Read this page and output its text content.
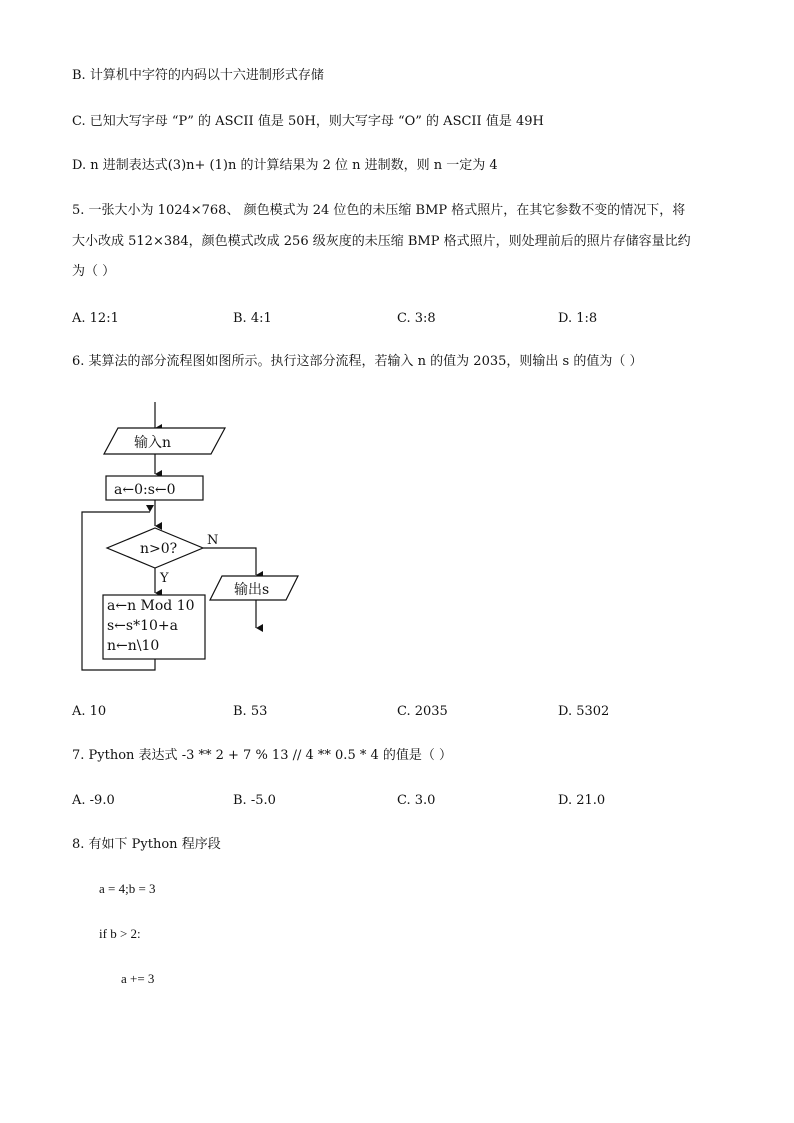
B. 计算机中字符的内码以十六进制形式存储
C. 已知大写字母 “P” 的 ASCII 值是 50H，则大写字母 “O” 的 ASCII 值是 49H
D. n 进制表达式(3)n+ (1)n 的计算结果为 2 位 n 进制数，则 n 一定为 4
5. 一张大小为 1024×768、 颜色模式为 24 位色的未压缩 BMP 格式照片，在其它参数不变的情况下，将
大小改成 512×384，颜色模式改成 256 级灰度的未压缩 BMP 格式照片，则处理前后的照片存储容量比约
为（ ）
A. 12:1	B. 4:1	C. 3:8	D. 1:8
6. 某算法的部分流程图如图所示。执行这部分流程，若输入 n 的值为 2035，则输出 s 的值为（ ）
输入n
a←0:s←0
n>0?
N
Y
输出s
a←n Mod 10
s←s*10+a
n←n\10
A. 10	B. 53	C. 2035	D. 5302
7. Python 表达式 -3 ** 2 + 7 % 13 // 4 ** 0.5 * 4 的值是（ ）
A. -9.0	B. -5.0	C. 3.0	D. 21.0
8. 有如下 Python 程序段
a = 4;b = 3
if b > 2:
a += 3
